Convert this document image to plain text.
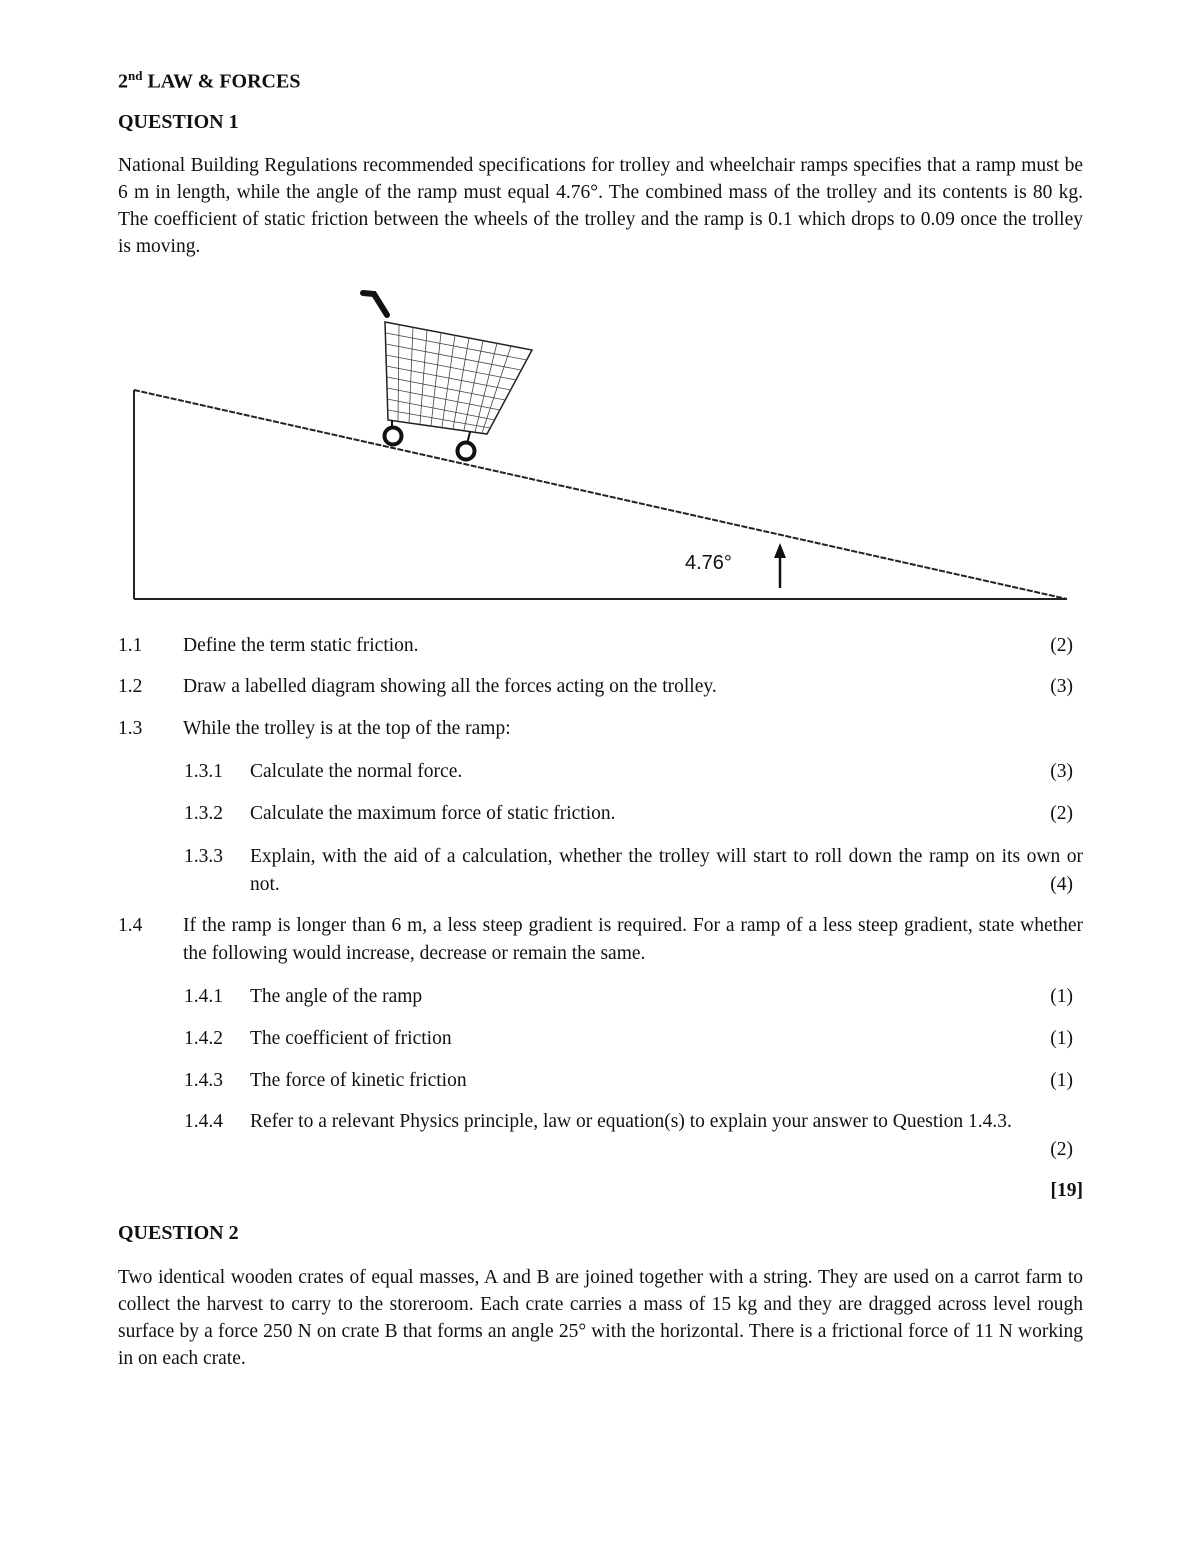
2nd LAW & FORCES
QUESTION 1
National Building Regulations recommended specifications for trolley and wheelchair ramps specifies that a ramp must be 6 m in length, while the angle of the ramp must equal 4.76°. The combined mass of the trolley and its contents is 80 kg. The coefficient of static friction between the wheels of the trolley and the ramp is 0.1 which drops to 0.09 once the trolley is moving.
4.76°
1.1 Define the term static friction.	(2)
1.2 Draw a labelled diagram showing all the forces acting on the trolley.	(3)
1.3 While the trolley is at the top of the ramp:
1.3.1 Calculate the normal force.	(3)
1.3.2 Calculate the maximum force of static friction.	(2)
1.3.3 Explain, with the aid of a calculation, whether the trolley will start to roll down the ramp on its own or not.	(4)
1.4 If the ramp is longer than 6 m, a less steep gradient is required. For a ramp of a less steep gradient, state whether the following would increase, decrease or remain the same.
1.4.1 The angle of the ramp	(1)
1.4.2 The coefficient of friction	(1)
1.4.3 The force of kinetic friction	(1)
1.4.4 Refer to a relevant Physics principle, law or equation(s) to explain your answer to Question 1.4.3.
(2)
[19]
QUESTION 2
Two identical wooden crates of equal masses, A and B are joined together with a string. They are used on a carrot farm to collect the harvest to carry to the storeroom. Each crate carries a mass of 15 kg and they are dragged across level rough surface by a force 250 N on crate B that forms an angle 25° with the horizontal. There is a frictional force of 11 N working in on each crate.
